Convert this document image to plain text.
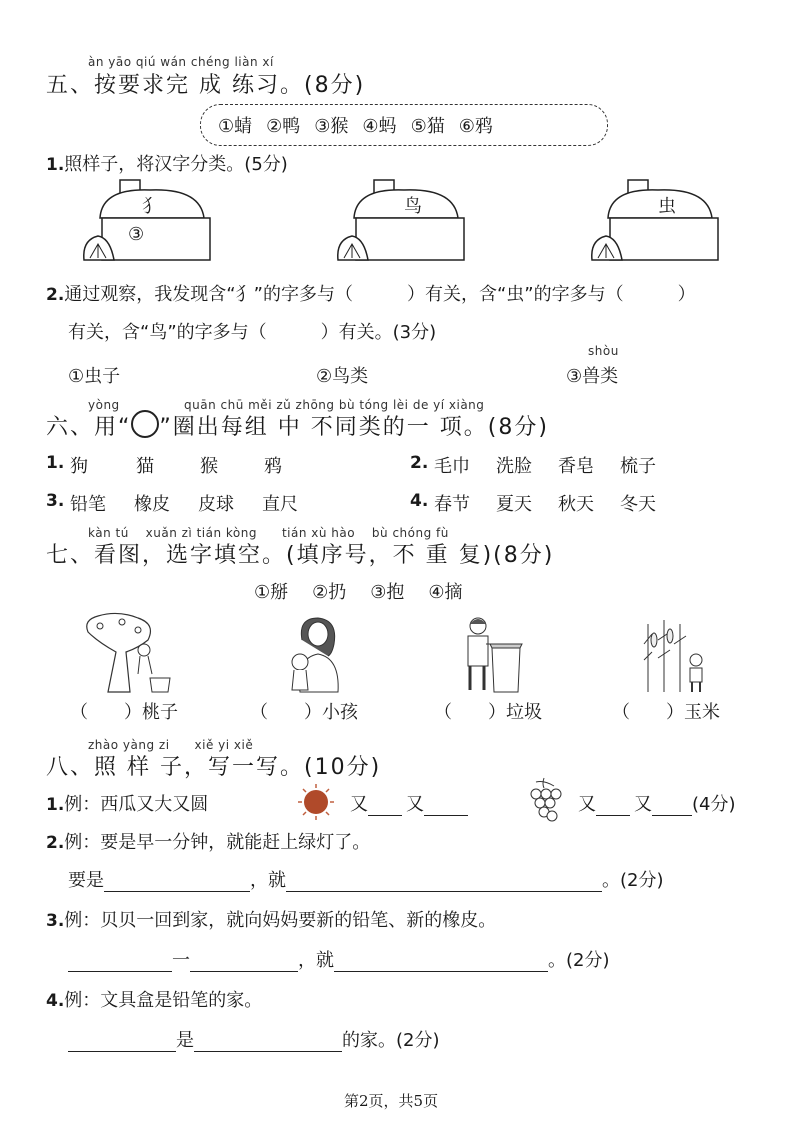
àn yāo qiú wán chéng liàn xí
五、按要求完 成 练习。(8分)
①蜻 ②鸭 ③猴 ④蚂 ⑤猫 ⑥鸦
1.照样子，将汉字分类。(5分)
犭
③
鸟	虫
2.通过观察，我发现含“犭”的字多与（　　　）有关，含“虫”的字多与（　　　）
有关，含“鸟”的字多与（　　　）有关。(3分)
shòu
①虫子	②鸟类	③兽类
yòng	quān chū měi zǔ zhōng bù tóng lèi de yí xiàng
六、用“ ”圈出每组 中 不同类的一 项。(8分)
1. 狗	猫	猴	鸦	2. 毛巾 洗脸 香皂 梳子
3. 铅笔 橡皮 皮球 直尺	4. 春节 夏天 秋天 冬天
kàn tú　 xuǎn zì tián kòng　　tián xù hào　 bù chóng fù
七、看图，选字填空。(填序号，不 重 复)(8分)
①掰 ②扔 ③抱 ④摘
（　　）桃子	（　　）小孩	（　　）垃圾	（　　）玉米
zhào yàng zi　　xiě yi xiě
八、照 样 子，写一写。(10分)
1.例：西瓜又大又圆	又 又	又 又 (4分)
2.例：要是早一分钟，就能赶上绿灯了。
要是	，就	。(2分)
3.例：贝贝一回到家，就向妈妈要新的铅笔、新的橡皮。
一	，就	。(2分)
4.例：文具盒是铅笔的家。
是	的家。(2分)
第2页，共5页
